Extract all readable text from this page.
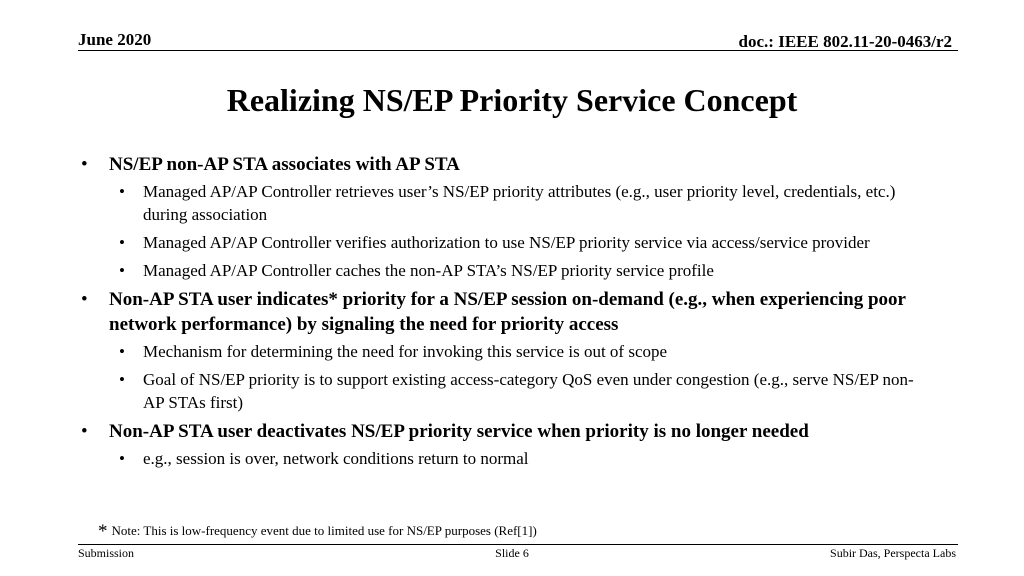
June 2020	doc.: IEEE 802.11-20-0463/r2
Realizing NS/EP Priority Service Concept
• NS/EP non-AP STA associates with AP STA
• Managed AP/AP Controller retrieves user’s NS/EP priority attributes (e.g., user priority level, credentials, etc.) during association
• Managed AP/AP Controller verifies authorization to use NS/EP priority service via access/service provider
• Managed AP/AP Controller caches the non-AP STA’s NS/EP priority service profile
• Non-AP STA user indicates* priority for a NS/EP session on-demand (e.g., when experiencing poor network performance) by signaling the need for priority access
• Mechanism for determining the need for invoking this service is out of scope
• Goal of NS/EP priority is to support existing access-category QoS even under congestion (e.g., serve NS/EP non-AP STAs first)
• Non-AP STA user deactivates NS/EP priority service when priority is no longer needed
• e.g., session is over, network conditions return to normal
* Note: This is low-frequency event due to limited use for NS/EP purposes (Ref[1])
Submission	Slide 6	Subir Das, Perspecta Labs
